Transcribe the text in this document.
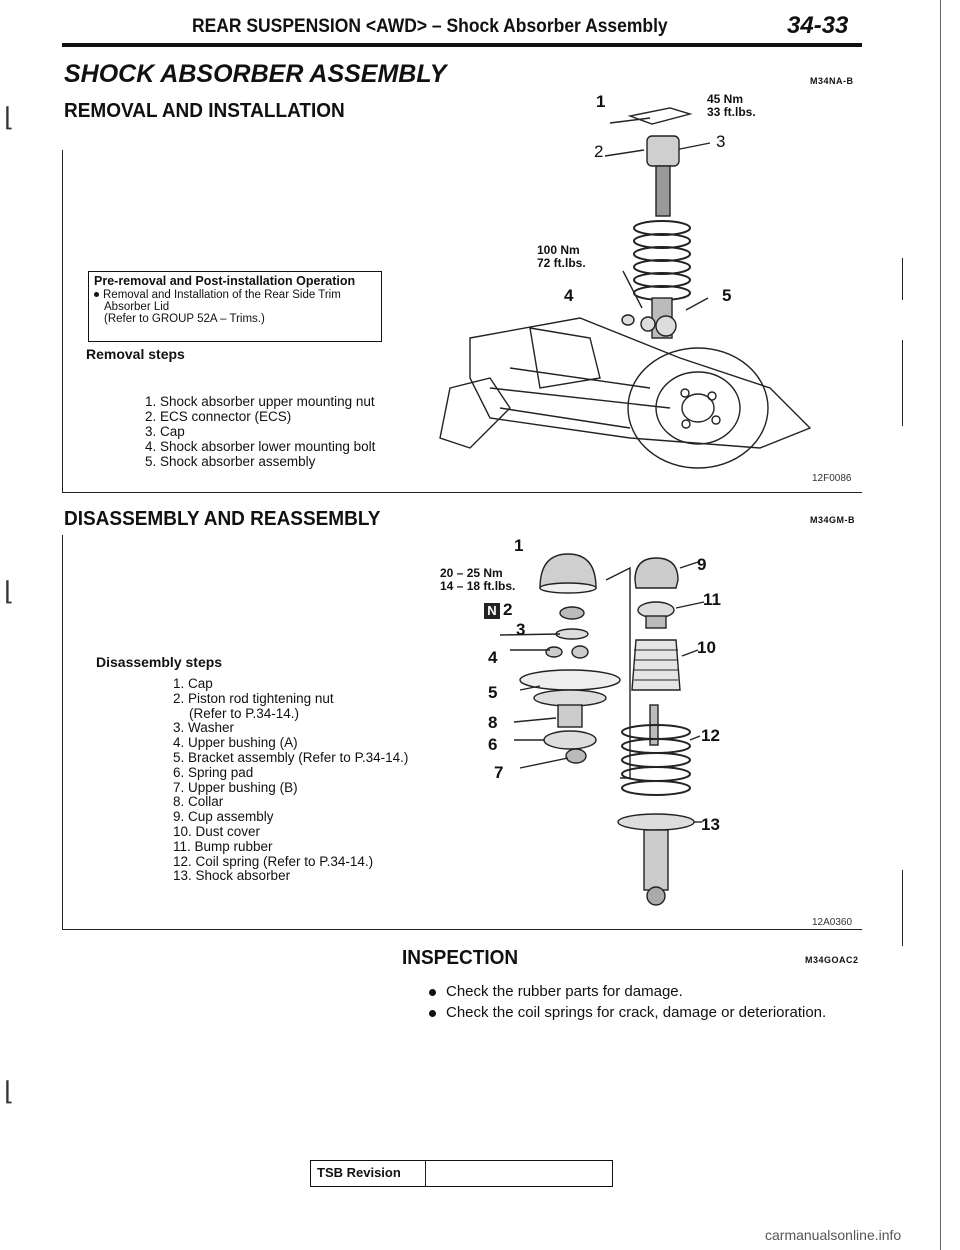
REAR SUSPENSION <AWD> – Shock Absorber Assembly	34-33
SHOCK ABSORBER ASSEMBLY	M34NA-B
⌊
⌊
⌊
REMOVAL AND INSTALLATION
Pre-removal and Post-installation Operation
Removal and Installation of the Rear Side Trim
Absorber Lid
(Refer to GROUP 52A – Trims.)
Removal steps
1. Shock absorber upper mounting nut
2. ECS connector (ECS)
3. Cap
4. Shock absorber lower mounting bolt
5. Shock absorber assembly
1
2
3
4	5
45 Nm
33 ft.lbs.
100 Nm
72 ft.lbs.
12F0086
DISASSEMBLY AND REASSEMBLY	M34GM-B
Disassembly steps
1. Cap
2. Piston rod tightening nut
(Refer to P.34-14.)
3. Washer
4. Upper bushing (A)
5. Bracket assembly (Refer to P.34-14.)
6. Spring pad
7. Upper bushing (B)
8. Collar
9. Cup assembly
10. Dust cover
11. Bump rubber
12. Coil spring (Refer to P.34-14.)
13. Shock absorber
20 – 25 Nm
14 – 18 ft.lbs.
N
1
2
3
4
5
8
6
7
9
11
10
12
13
12A0360
INSPECTION	M34GOAC2
Check the rubber parts for damage.
Check the coil springs for crack, damage or deterioration.
TSB Revision
carmanualsonline.info
